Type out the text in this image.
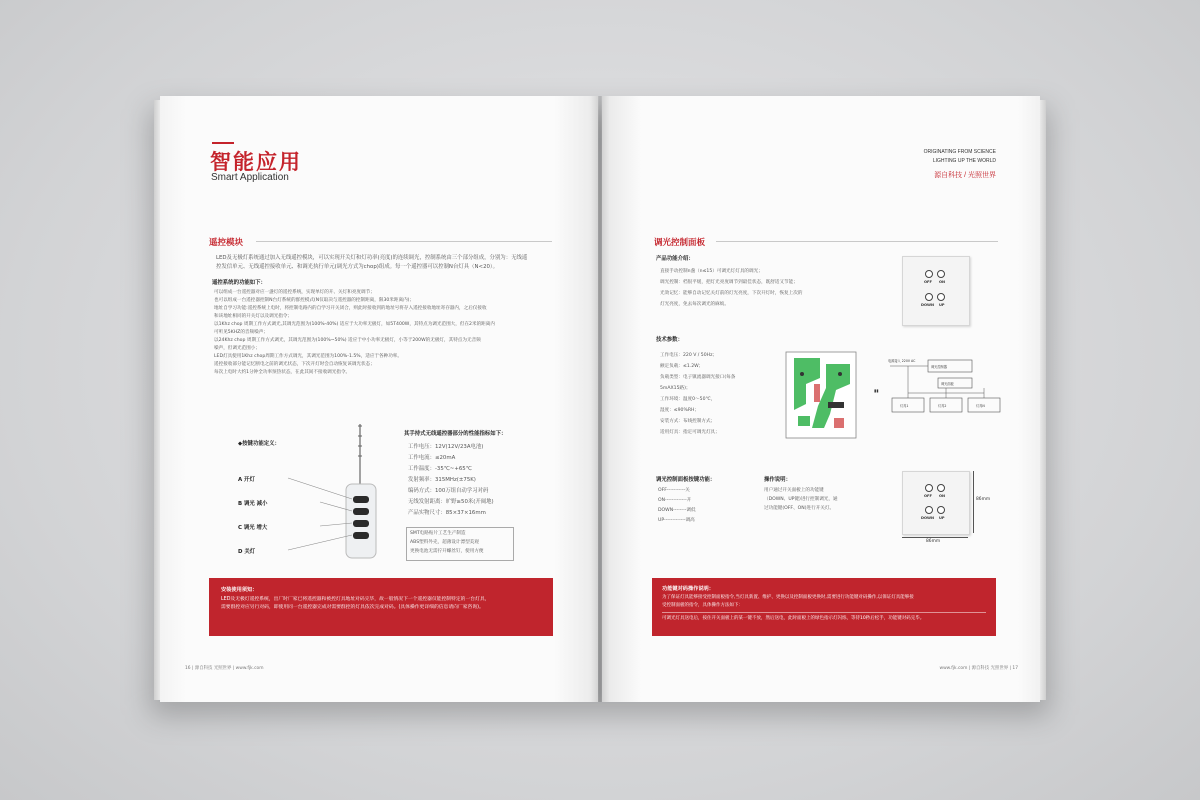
智能应用
Smart Application
遥控模块
LED及无极灯系统通过加入无线遥控模块，可以实现开关灯和灯功率(亮度)的连续调光，控制系统由三个部分组成，分别为：无线遥
控发信单元、无线遥控接收单元、和调光执行单元(调光方式为chop)组成。每一个遥控器可以控制N台灯具（N<20）。
遥控系统的功能如下：
可以组成一台遥控器对应一盏灯的遥控系统，实现单灯的开、关灯和亮度调节；
也可以组成一台遥控器控制N台灯系统的群控模式(N仅取决与遥控器的控制距离，限30米距离内)；
地址自学习功能:遥控系统上电时，将控制电路内的自学习开关闭合，则此时接收到的地址号将存入遥控接收地址寄存器内，之后仅接收
和该地址相同的开关灯以及调光指令；
以1Khz chop 周期工作方式调光,其调光范围为(100%-40%) 适应于大功率无极灯，如5T400W，其特点为调光范围大，但在2米的距离内
可听见5KHZ的音频噪声；
以24Khz chop 周期工作方式调光，其调光范围为(100%~50%) 适应于中小功率无极灯，小等于200W的无极灯，其特点为无音频
噪声，但调光范围小；
LED灯具使用1Khz chop周期工作方式调光，其调光范围为100%-1.5%，适应于各种功率。
遥控接收部分能记忆断电之前的调光状态，下次开灯时会自动恢复该调光状态；
每次上电时大约1分钟全功率预热状态，在此其间不接收调光指令。
◆按键功能定义：
A 开灯
B 调光 减小
C 调光 增大
D 关灯
其手持式无线遥控器部分的性能指标如下：
工作电压：12V(12V/23A电池)
工作电流：≤20mA
工作温度：-35℃~+65℃
发射频率：315MHz(±75K)
编码方式：100万组自动学习对码
无线发射距离：旷野≥50米(开阔地)
产品实物尺寸：85×37×16mm
SMT电路贴片工艺生产制造
ABS塑料外壳，超薄设计漂型美观
更换电池无需拧开螺丝钉，使用方便
安装使用须知：
LED及无极灯遥控系统，出厂时厂家已将遥控器和被控灯具地址对码完毕，故一般情况下一个遥控器仅能控制特定的一台灯具，
需要群控对应另行对码，即使用同一台遥控器完成对需要群控的灯具依次完成对码。(具体操作更详细的信息请向厂家咨询)。
16 | 源自科技 光照世界 | www.fjk.com
ORIGINATING FROM SCIENCE
LIGHTING UP THE WORLD
源自科技 / 光照世界
调光控制面板
产品功能介绍：
直接手动控制n盏（n≤15）可调光灯灯具的调光；
调光控制：档很平缓，把灯光亮度调节到最佳状态，既舒适又节能；
光效记忆：能够自动记忆关灯前的灯光亮度，下次开灯时，恢复上次的
灯光亮度，免去每次调光的麻烦。
OFF ON
DOWN UP
技术参数：
工作电压：220 V / 50Hz；
额定负载：≤1.2W；
负载类型：电子镇流器调光接口(每条
5mAX15路)；
工作环境：温度0～50℃，
湿度：≤90%RH；
安装方式：布线控制方式；
适用灯具：指定可调光灯具；
▮▮
电源接入 220V AC
调光控制器
调光面板
灯具1	灯具2	灯具N
调光控制面板按键功能：
OFF-----------关
ON-------------开
DOWN--------调低
UP-------------调高
操作说明：
用户通过开关面板上的功能键
（DOWN、UP键)进行控制调光，通
过功能键(OFF、ON)进行开关灯。
OFF ON
DOWN UP
86mm
86mm
功能键对码操作说明：
为了保证灯具能够接受控制面板指令,当灯具新置、维护、更换以及控制面板更换时,需要进行功能键对码操作,以保证灯具能够接
受控制面板的指令，具体操作方法如下：
可调光灯具送电后，按住开关面板上的某一键不放，然后送电，此时面板上的绿色指示灯闪烁，等待10秒后松手，功能键对码完毕。
www.fjk.com | 源自科技 光照世界 | 17
